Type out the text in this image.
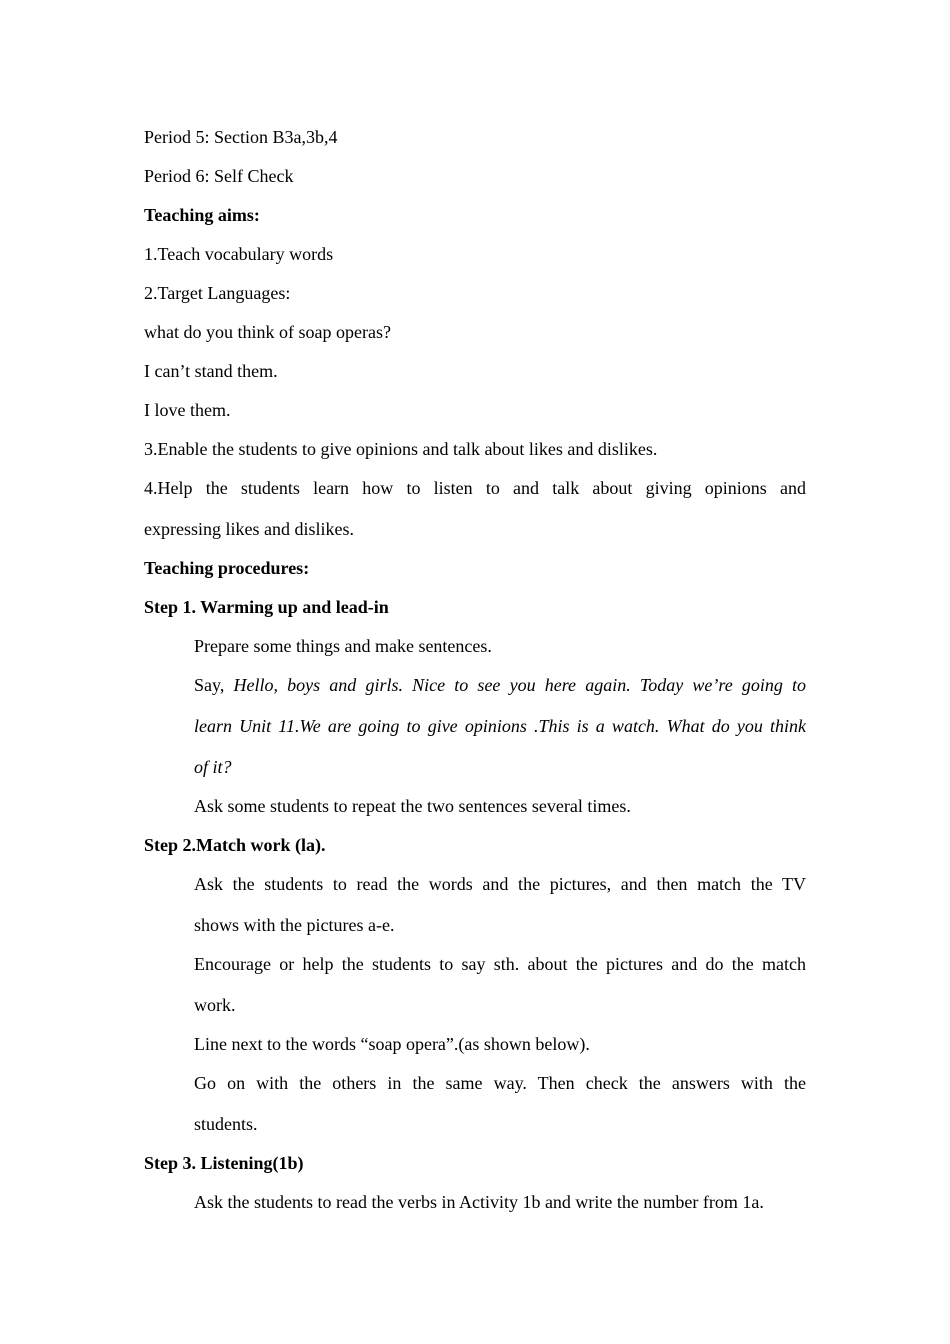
Period 5: Section B3a,3b,4
Period 6: Self Check
Teaching aims:
1.Teach vocabulary words
2.Target Languages:
what do you think of soap operas?
I can’t stand them.
I love them.
3.Enable the students to give opinions and talk about likes and dislikes.
4.Help the students learn how to listen to and talk about giving opinions and
expressing likes and dislikes.
Teaching procedures:
Step 1. Warming up and lead-in
Prepare some things and make sentences.
Say, Hello, boys and girls. Nice to see you here again. Today we’re going to
learn Unit 11.We are going to give opinions .This is a watch. What do you think
of it?
Ask some students to repeat the two sentences several times.
Step 2.Match work (la).
Ask the students to read the words and the pictures, and then match the TV
shows with the pictures a-e.
Encourage or help the students to say sth. about the pictures and do the match
work.
Line next to the words “soap opera”.(as shown below).
Go on with the others in the same way. Then check the answers with the
students.
Step 3. Listening(1b)
Ask the students to read the verbs in Activity 1b and write the number from 1a.
